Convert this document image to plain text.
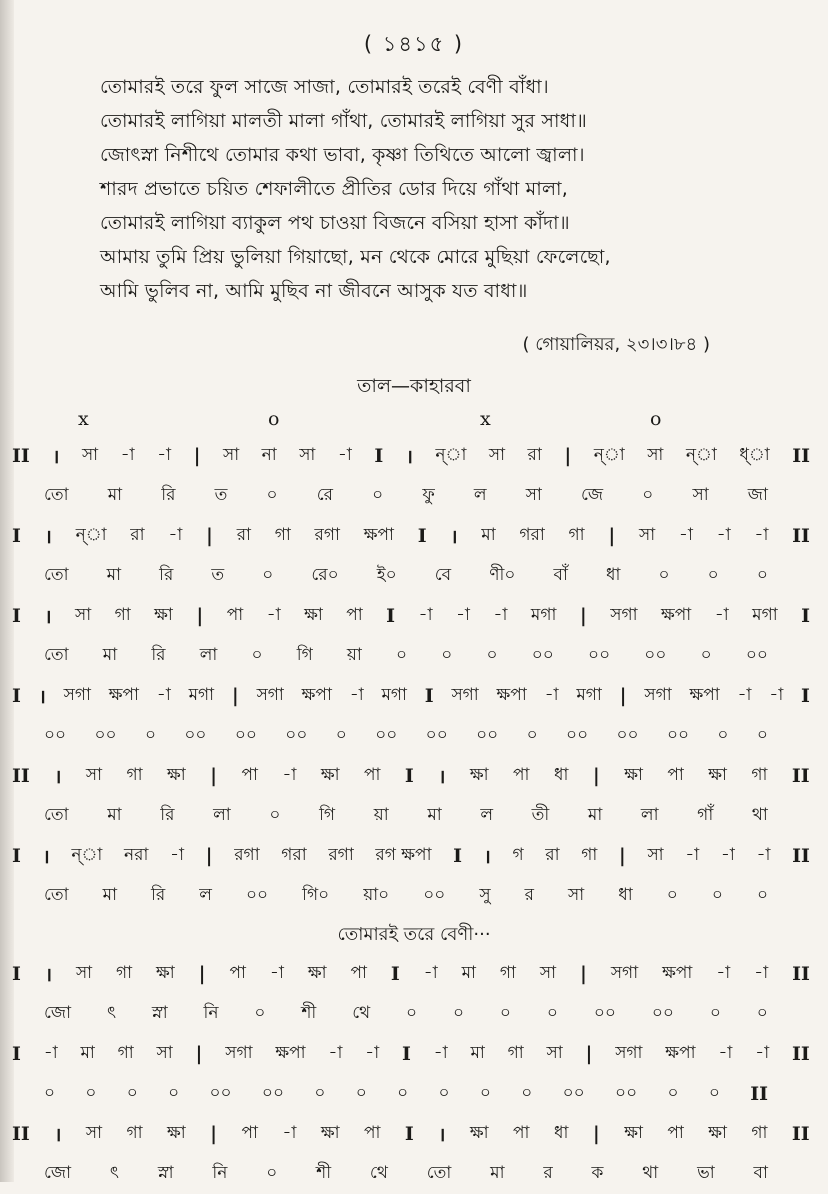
( ১৪১৫ )
তোমারই তরে ফুল সাজে সাজা, তোমারই তরেই বেণী বাঁধা।
তোমারই লাগিয়া মালতী মালা গাঁথা, তোমারই লাগিয়া সুর সাধা॥
জোৎস্না নিশীথে তোমার কথা ভাবা, কৃষ্ণা তিথিতে আলো জ্বালা।
শারদ প্রভাতে চয়িত শেফালীতে প্রীতির ডোর দিয়ে গাঁথা মালা,
তোমারই লাগিয়া ব্যাকুল পথ চাওয়া বিজনে বসিয়া হাসা কাঁদা॥
আমায় তুমি প্রিয় ভুলিয়া গিয়াছো, মন থেকে মোরে মুছিয়া ফেলেছো,
আমি ভুলিব না, আমি মুছিব না জীবনে আসুক যত বাধা॥
( গোয়ালিয়র, ২৩।৩।৮৪ )
তাল—কাহারবা
x	o	x	o
II । সা -া -া | সা না সা -া I । ন্‌া সা রা | ন্‌া সা ন্‌া ধ্‌া II
তো মা রি ত ০ রে ০ ফু ল সা জে ০ সা জা
I । ন্‌া রা -া | রা গা রগা ক্ষপা I । মা গরা গা | সা -া -া -া II
তো মা রি ত ০ রে০ ই০ বে ণী০ বাঁ ধা ০ ০ ০
I । সা গা ক্ষা | পা -া ক্ষা পা I -া -া -া মগা | সগা ক্ষপা -া মগা I
তো মা রি লা ০ গি য়া ০ ০ ০ ০০ ০০ ০০ ০ ০০
I । সগা ক্ষপা -া মগা | সগা ক্ষপা -া মগা I সগা ক্ষপা -া মগা | সগা ক্ষপা -া -া I
০০ ০০ ০ ০০ ০০ ০০ ০ ০০ ০০ ০০ ০ ০০ ০০ ০০ ০ ০
II । সা গা ক্ষা | পা -া ক্ষা পা I । ক্ষা পা ধা | ক্ষা পা ক্ষা গা II
তো মা রি লা ০ গি য়া মা ল তী মা লা গাঁ থা
I । ন্‌া নরা -া | রগা গরা রগা রগ ক্ষপা I । গ রা গা | সা -া -া -া II
তো মা রি ল ০০ গি০ য়া০ ০০ সু র সা ধা ০ ০ ০
তোমারই তরে বেণী···
I । সা গা ক্ষা | পা -া ক্ষা পা I -া মা গা সা | সগা ক্ষপা -া -া II
জো ৎ স্না নি ০ শী থে ০ ০ ০ ০ ০০ ০০ ০ ০
I -া মা গা সা | সগা ক্ষপা -া -া I -া মা গা সা | সগা ক্ষপা -া -া II
০ ০ ০ ০ ০০ ০০ ০ ০ ০ ০ ০ ০ ০০ ০০ ০ ০ II
II । সা গা ক্ষা | পা -া ক্ষা পা I । ক্ষা পা ধা | ক্ষা পা ক্ষা গা II
জো ৎ স্না নি ০ শী থে তো মা র ক থা ভা বা
